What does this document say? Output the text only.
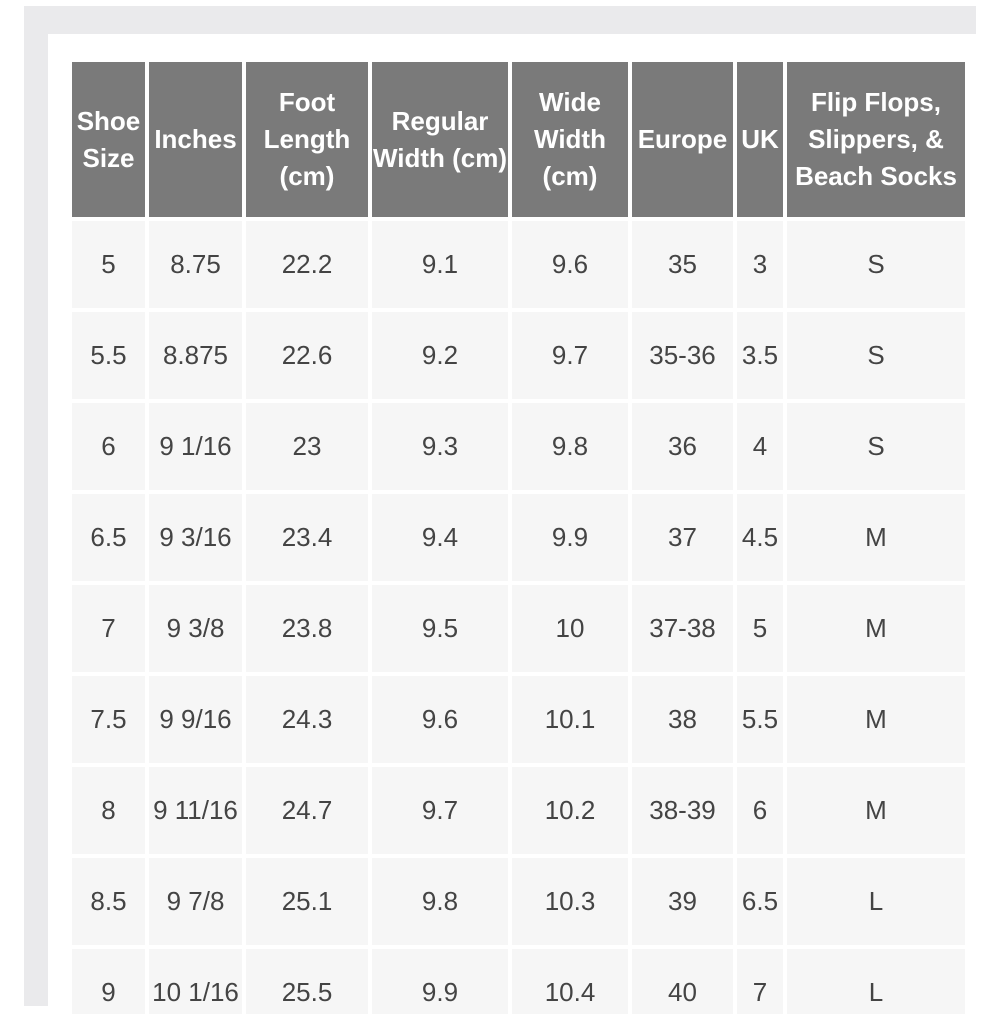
Shoe Size	Inches	Foot Length (cm)	Regular Width (cm)	Wide Width (cm)	Europe	UK	Flip Flops, Slippers, & Beach Socks
5	8.75	22.2	9.1	9.6	35	3	S
5.5	8.875	22.6	9.2	9.7	35-36	3.5	S
6	9 1/16	23	9.3	9.8	36	4	S
6.5	9 3/16	23.4	9.4	9.9	37	4.5	M
7	9 3/8	23.8	9.5	10	37-38	5	M
7.5	9 9/16	24.3	9.6	10.1	38	5.5	M
8	9 11/16	24.7	9.7	10.2	38-39	6	M
8.5	9 7/8	25.1	9.8	10.3	39	6.5	L
9	10 1/16	25.5	9.9	10.4	40	7	L
